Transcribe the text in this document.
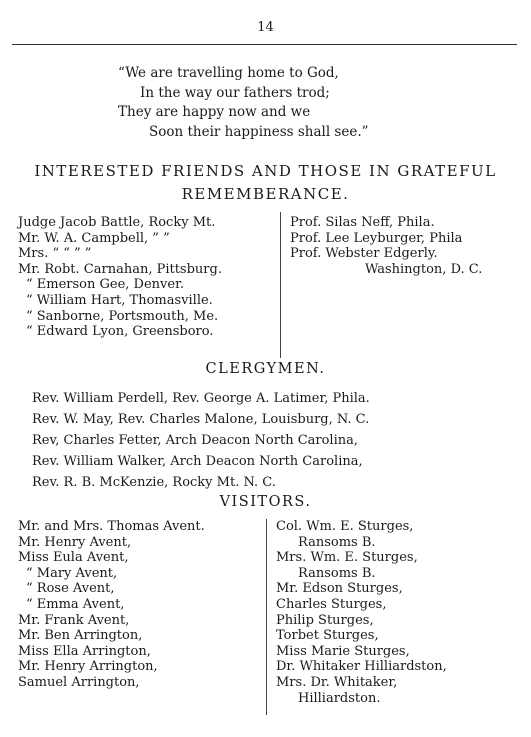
14
“We are travelling home to God,
In the way our fathers trod;
They are happy now and we
Soon their happiness shall see.”
INTERESTED FRIENDS AND THOSE IN GRATEFUL
REMEMBERANCE.
Judge Jacob Battle, Rocky Mt.
Mr. W. A. Campbell, ” ”
Mrs. “ “ ” ”
Mr. Robt. Carnahan, Pittsburg.
“ Emerson Gee, Denver.
“ William Hart, Thomasville.
“ Sanborne, Portsmouth, Me.
“ Edward Lyon, Greensboro.
Prof. Silas Neff, Phila.
Prof. Lee Leyburger, Phila
Prof. Webster Edgerly.
Washington, D. C.
CLERGYMEN.
Rev. William Perdell, Rev. George A. Latimer, Phila.
Rev. W. May, Rev. Charles Malone, Louisburg, N. C.
Rev, Charles Fetter, Arch Deacon North Carolina,
Rev. William Walker, Arch Deacon North Carolina,
Rev. R. B. McKenzie, Rocky Mt. N. C.
VISITORS.
Mr. and Mrs. Thomas Avent.
Mr. Henry Avent,
Miss Eula Avent,
“ Mary Avent,
“ Rose Avent,
“ Emma Avent,
Mr. Frank Avent,
Mr. Ben Arrington,
Miss Ella Arrington,
Mr. Henry Arrington,
Samuel Arrington,
Col. Wm. E. Sturges,
Ransoms B.
Mrs. Wm. E. Sturges,
Ransoms B.
Mr. Edson Sturges,
Charles Sturges,
Philip Sturges,
Torbet Sturges,
Miss Marie Sturges,
Dr. Whitaker Hilliardston,
Mrs. Dr. Whitaker,
Hilliardston.
